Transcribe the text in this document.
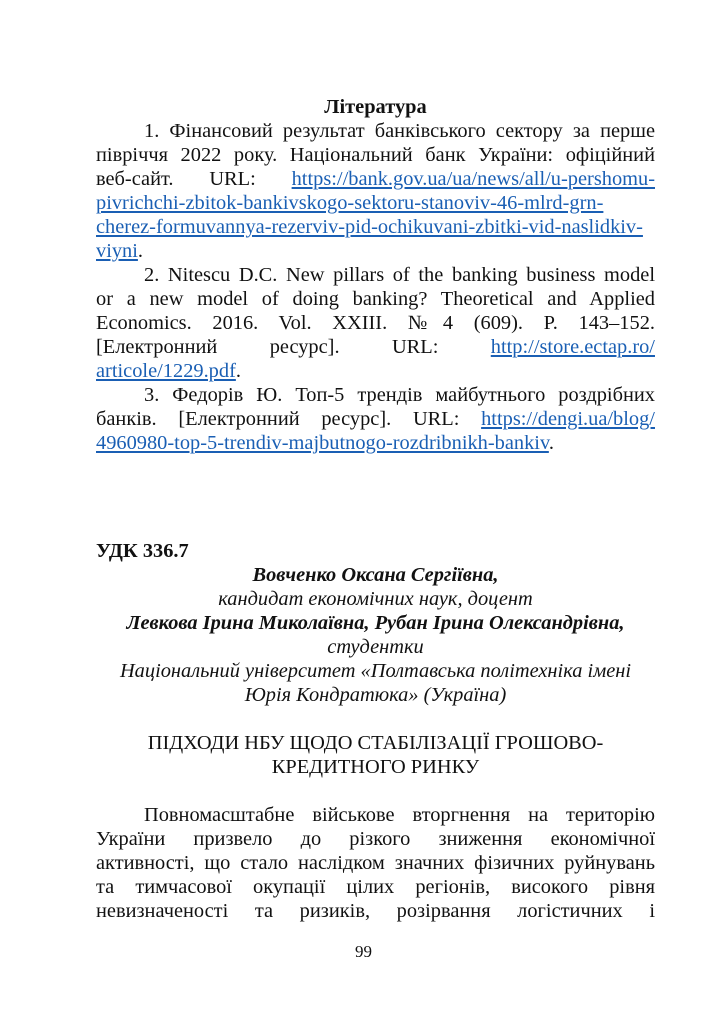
Література
1. Фінансовий результат банківського сектору за перше
півріччя 2022 року. Національний банк України: офіційний
веб-сайт. URL: https://bank.gov.ua/ua/news/all/u-pershomu-
pivrichchi-zbitok-bankivskogo-sektoru-stanoviv-46-mlrd-grn-
cherez-formuvannya-rezerviv-pid-ochikuvani-zbitki-vid-naslidkiv-
viyni.
2. Nitescu D.C. New pillars of the banking business model
or a new model of doing banking? Theoretical and Applied
Economics. 2016. Vol. XXIII. №4 (609). P. 143–152.
[Електронний	ресурс].	URL:	http://store.ectap.ro/
articole/1229.pdf.
3. Федорів Ю. Топ-5 трендів майбутнього роздрібних
банків. [Електронний ресурс]. URL: https://dengi.ua/blog/
4960980-top-5-trendiv-majbutnogo-rozdribnikh-bankiv.
УДК 336.7
Вовченко Оксана Сергіївна,
кандидат економічних наук, доцент
Левкова Ірина Миколаївна, Рубан Ірина Олександрівна,
студентки
Національний університет «Полтавська політехніка імені
Юрія Кондратюка» (Україна)
ПІДХОДИ НБУ ЩОДО СТАБІЛІЗАЦІЇ ГРОШОВО-
КРЕДИТНОГО РИНКУ
Повномасштабне військове вторгнення на територію
України призвело до різкого зниження економічної
активності, що стало наслідком значних фізичних руйнувань
та тимчасової окупації цілих регіонів, високого рівня
невизначеності та ризиків, розірвання логістичних і
99
